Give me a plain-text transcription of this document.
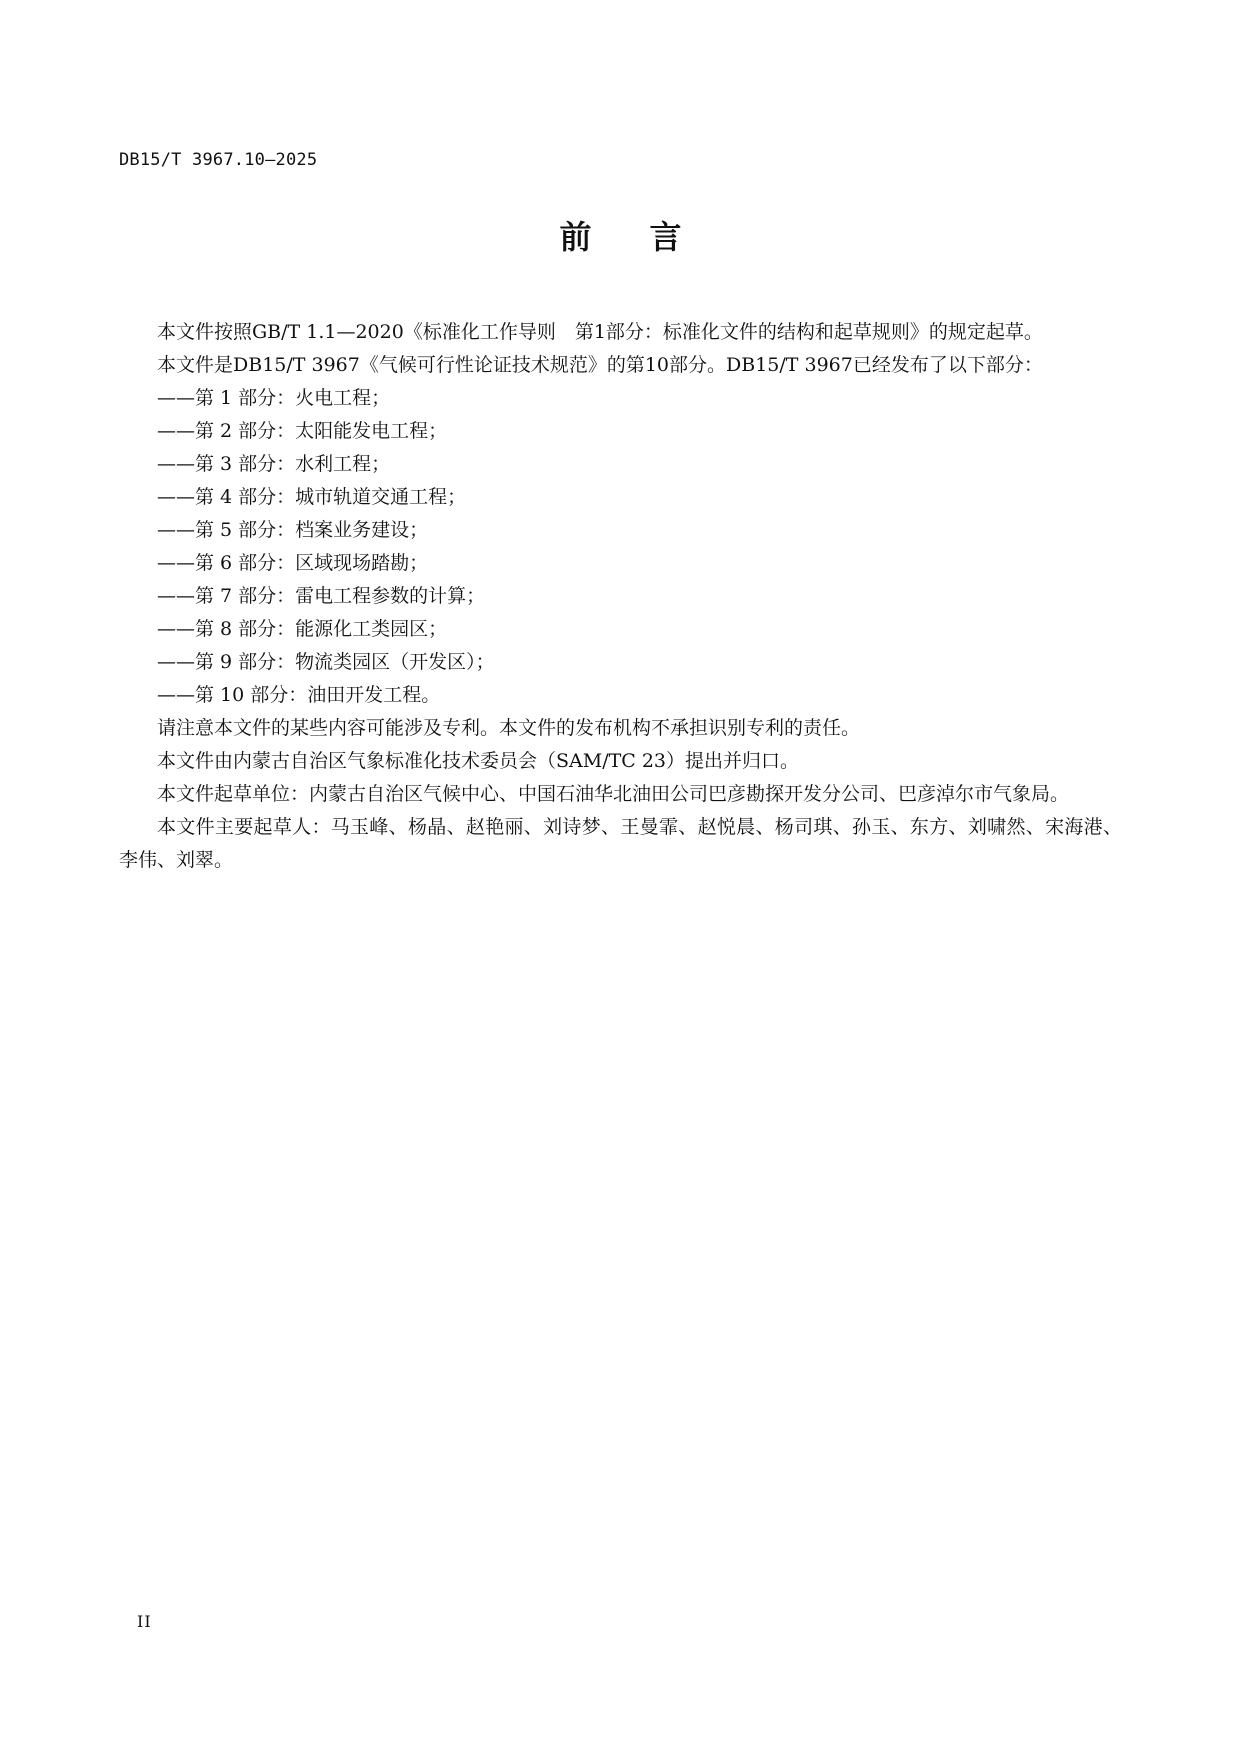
DB15/T 3967.10—2025
前言

本文件按照GB/T 1.1—2020《标准化工作导则　第1部分：标准化文件的结构和起草规则》的规定起草。

本文件是DB15/T 3967《气候可行性论证技术规范》的第10部分。DB15/T 3967已经发布了以下部分：

——第 1 部分：火电工程；

——第 2 部分：太阳能发电工程；

——第 3 部分：水利工程；

——第 4 部分：城市轨道交通工程；

——第 5 部分：档案业务建设；

——第 6 部分：区域现场踏勘；

——第 7 部分：雷电工程参数的计算；

——第 8 部分：能源化工类园区；

——第 9 部分：物流类园区（开发区）；

——第 10 部分：油田开发工程。

请注意本文件的某些内容可能涉及专利。本文件的发布机构不承担识别专利的责任。

本文件由内蒙古自治区气象标准化技术委员会（SAM/TC 23）提出并归口。

本文件起草单位：内蒙古自治区气候中心、中国石油华北油田公司巴彦勘探开发分公司、巴彦淖尔市气象局。

本文件主要起草人：马玉峰、杨晶、赵艳丽、刘诗梦、王曼霏、赵悦晨、杨司琪、孙玉、东方、刘啸然、宋海港、李伟、刘翠。

II
